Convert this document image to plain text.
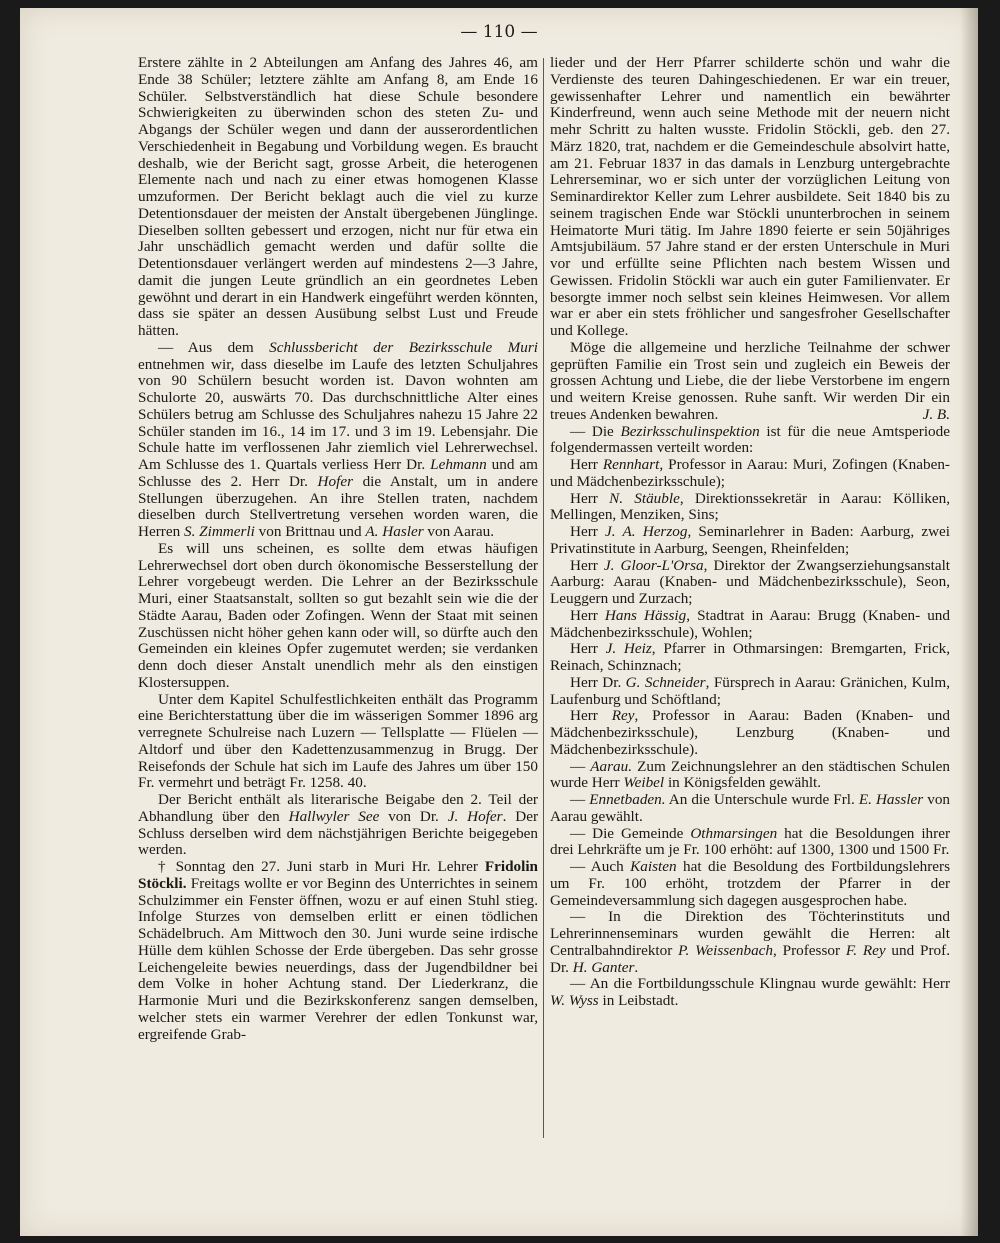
— 110 —

Erstere zählte in 2 Abteilungen am Anfang des Jahres 46, am Ende 38 Schüler; letztere zählte am Anfang 8, am Ende 16 Schüler. Selbstverständlich hat diese Schule besondere Schwierigkeiten zu überwinden schon des steten Zu- und Abgangs der Schüler wegen und dann der ausserordentlichen Verschiedenheit in Begabung und Vorbildung wegen. Es braucht deshalb, wie der Bericht sagt, grosse Arbeit, die heterogenen Elemente nach und nach zu einer etwas homogenen Klasse umzuformen. Der Bericht beklagt auch die viel zu kurze Detentionsdauer der meisten der Anstalt übergebenen Jünglinge. Dieselben sollten gebessert und erzogen, nicht nur für etwa ein Jahr unschädlich gemacht werden und dafür sollte die Detentionsdauer verlängert werden auf mindestens 2—3 Jahre, damit die jungen Leute gründlich an ein geordnetes Leben gewöhnt und derart in ein Handwerk eingeführt werden könnten, dass sie später an dessen Ausübung selbst Lust und Freude hätten.

— Aus dem Schlussbericht der Bezirksschule Muri entnehmen wir, dass dieselbe im Laufe des letzten Schuljahres von 90 Schülern besucht worden ist. Davon wohnten am Schulorte 20, auswärts 70. Das durchschnittliche Alter eines Schülers betrug am Schlusse des Schuljahres nahezu 15 Jahre 22 Schüler standen im 16., 14 im 17. und 3 im 19. Lebensjahr. Die Schule hatte im verflossenen Jahr ziemlich viel Lehrerwechsel. Am Schlusse des 1. Quartals verliess Herr Dr. Lehmann und am Schlusse des 2. Herr Dr. Hofer die Anstalt, um in andere Stellungen überzugehen. An ihre Stellen traten, nachdem dieselben durch Stellvertretung versehen worden waren, die Herren S. Zimmerli von Brittnau und A. Hasler von Aarau.

Es will uns scheinen, es sollte dem etwas häufigen Lehrerwechsel dort oben durch ökonomische Besserstellung der Lehrer vorgebeugt werden. Die Lehrer an der Bezirksschule Muri, einer Staatsanstalt, sollten so gut bezahlt sein wie die der Städte Aarau, Baden oder Zofingen. Wenn der Staat mit seinen Zuschüssen nicht höher gehen kann oder will, so dürfte auch den Gemeinden ein kleines Opfer zugemutet werden; sie verdanken denn doch dieser Anstalt unendlich mehr als den einstigen Klostersuppen.

Unter dem Kapitel Schulfestlichkeiten enthält das Programm eine Berichterstattung über die im wässerigen Sommer 1896 arg verregnete Schulreise nach Luzern — Tellsplatte — Flüelen — Altdorf und über den Kadettenzusammenzug in Brugg. Der Reisefonds der Schule hat sich im Laufe des Jahres um über 150 Fr. vermehrt und beträgt Fr. 1258. 40.

Der Bericht enthält als literarische Beigabe den 2. Teil der Abhandlung über den Hallwyler See von Dr. J. Hofer. Der Schluss derselben wird dem nächstjährigen Berichte beigegeben werden.

† Sonntag den 27. Juni starb in Muri Hr. Lehrer Fridolin Stöckli. Freitags wollte er vor Beginn des Unterrichtes in seinem Schulzimmer ein Fenster öffnen, wozu er auf einen Stuhl stieg. Infolge Sturzes von demselben erlitt er einen tödlichen Schädelbruch. Am Mittwoch den 30. Juni wurde seine irdische Hülle dem kühlen Schosse der Erde übergeben. Das sehr grosse Leichengeleite bewies neuerdings, dass der Jugendbildner bei dem Volke in hoher Achtung stand. Der Liederkranz, die Harmonie Muri und die Bezirkskonferenz sangen demselben, welcher stets ein warmer Verehrer der edlen Tonkunst war, ergreifende Grab-

lieder und der Herr Pfarrer schilderte schön und wahr die Verdienste des teuren Dahingeschiedenen. Er war ein treuer, gewissenhafter Lehrer und namentlich ein bewährter Kinderfreund, wenn auch seine Methode mit der neuern nicht mehr Schritt zu halten wusste. Fridolin Stöckli, geb. den 27. März 1820, trat, nachdem er die Gemeindeschule absolvirt hatte, am 21. Februar 1837 in das damals in Lenzburg untergebrachte Lehrerseminar, wo er sich unter der vorzüglichen Leitung von Seminardirektor Keller zum Lehrer ausbildete. Seit 1840 bis zu seinem tragischen Ende war Stöckli ununterbrochen in seinem Heimatorte Muri tätig. Im Jahre 1890 feierte er sein 50jähriges Amtsjubiläum. 57 Jahre stand er der ersten Unterschule in Muri vor und erfüllte seine Pflichten nach bestem Wissen und Gewissen. Fridolin Stöckli war auch ein guter Familienvater. Er besorgte immer noch selbst sein kleines Heimwesen. Vor allem war er aber ein stets fröhlicher und sangesfroher Gesellschafter und Kollege.

Möge die allgemeine und herzliche Teilnahme der schwer geprüften Familie ein Trost sein und zugleich ein Beweis der grossen Achtung und Liebe, die der liebe Verstorbene im engern und weitern Kreise genossen. Ruhe sanft. Wir werden Dir ein treues Andenken bewahren.	J. B.

— Die Bezirksschulinspektion ist für die neue Amtsperiode folgendermassen verteilt worden:

Herr Rennhart, Professor in Aarau: Muri, Zofingen (Knaben- und Mädchenbezirksschule);

Herr N. Stäuble, Direktionssekretär in Aarau: Kölliken, Mellingen, Menziken, Sins;

Herr J. A. Herzog, Seminarlehrer in Baden: Aarburg, zwei Privatinstitute in Aarburg, Seengen, Rheinfelden;

Herr J. Gloor-L'Orsa, Direktor der Zwangserziehungsanstalt Aarburg: Aarau (Knaben- und Mädchenbezirksschule), Seon, Leuggern und Zurzach;

Herr Hans Hässig, Stadtrat in Aarau: Brugg (Knaben- und Mädchenbezirksschule), Wohlen;

Herr J. Heiz, Pfarrer in Othmarsingen: Bremgarten, Frick, Reinach, Schinznach;

Herr Dr. G. Schneider, Fürsprech in Aarau: Gränichen, Kulm, Laufenburg und Schöftland;

Herr Rey, Professor in Aarau: Baden (Knaben- und Mädchenbezirksschule), Lenzburg (Knaben- und Mädchenbezirksschule).

— Aarau. Zum Zeichnungslehrer an den städtischen Schulen wurde Herr Weibel in Königsfelden gewählt.

— Ennetbaden. An die Unterschule wurde Frl. E. Hassler von Aarau gewählt.

— Die Gemeinde Othmarsingen hat die Besoldungen ihrer drei Lehrkräfte um je Fr. 100 erhöht: auf 1300, 1300 und 1500 Fr.

— Auch Kaisten hat die Besoldung des Fortbildungslehrers um Fr. 100 erhöht, trotzdem der Pfarrer in der Gemeindeversammlung sich dagegen ausgesprochen habe.

— In die Direktion des Töchterinstituts und Lehrerinnenseminars wurden gewählt die Herren: alt Centralbahndirektor P. Weissenbach, Professor F. Rey und Prof. Dr. H. Ganter.

— An die Fortbildungsschule Klingnau wurde gewählt: Herr W. Wyss in Leibstadt.
